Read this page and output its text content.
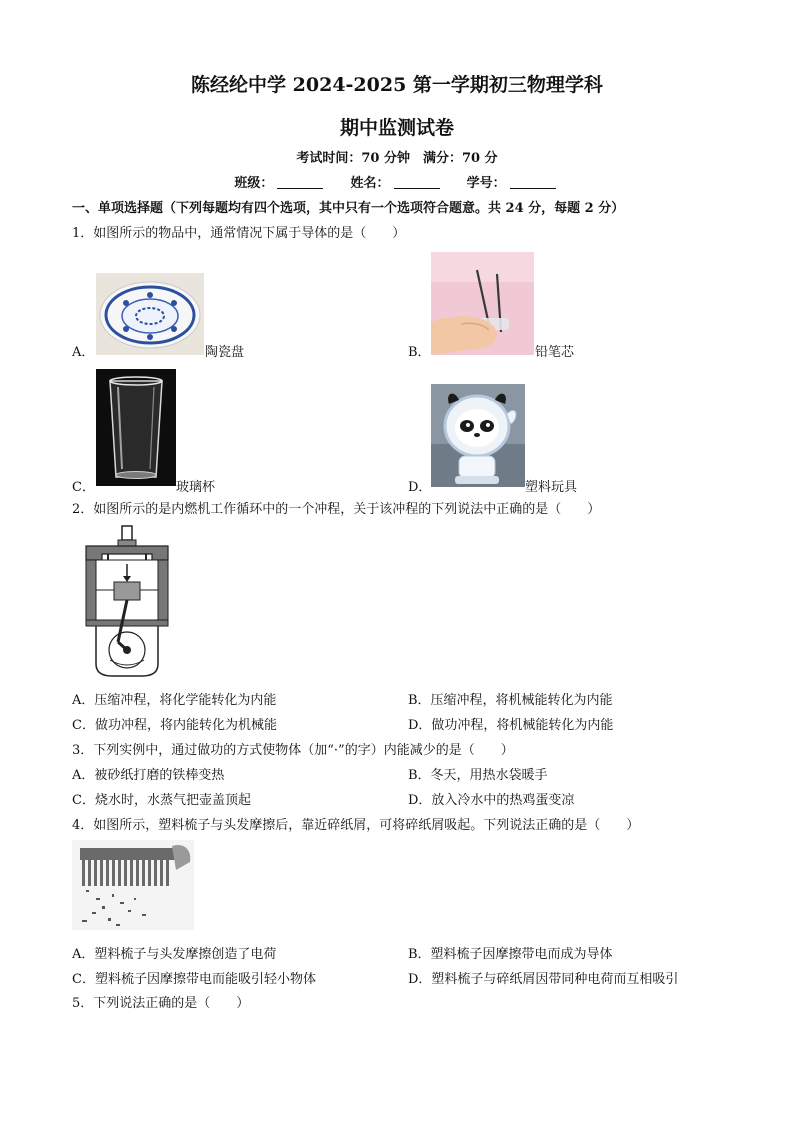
陈经纶中学 2024-2025 第一学期初三物理学科
期中监测试卷
考试时间：70 分钟　满分：70 分
班级：	姓名：	学号：
一、单项选择题（下列每题均有四个选项，其中只有一个选项符合题意。共 24 分，每题 2 分）
1．如图所示的物品中，通常情况下属于导体的是（　　）
A．	陶瓷盘	B．	铅笔芯
C．	玻璃杯	D．	塑料玩具
2．如图所示的是内燃机工作循环中的一个冲程，关于该冲程的下列说法中正确的是（　　）
A．压缩冲程，将化学能转化为内能	B．压缩冲程，将机械能转化为内能
C．做功冲程，将内能转化为机械能	D．做功冲程，将机械能转化为内能
3．下列实例中，通过做功的方式使物体（加“·”的字）内能减少的是（　　）
A．被砂纸打磨的铁棒变热	B．冬天，用热水袋暖手
C．烧水时，水蒸气把壶盖顶起	D．放入冷水中的热鸡蛋变凉
4．如图所示，塑料梳子与头发摩擦后，靠近碎纸屑，可将碎纸屑吸起。下列说法正确的是（　　）
A．塑料梳子与头发摩擦创造了电荷	B．塑料梳子因摩擦带电而成为导体
C．塑料梳子因摩擦带电而能吸引轻小物体	D．塑料梳子与碎纸屑因带同种电荷而互相吸引
5．下列说法正确的是（　　）
